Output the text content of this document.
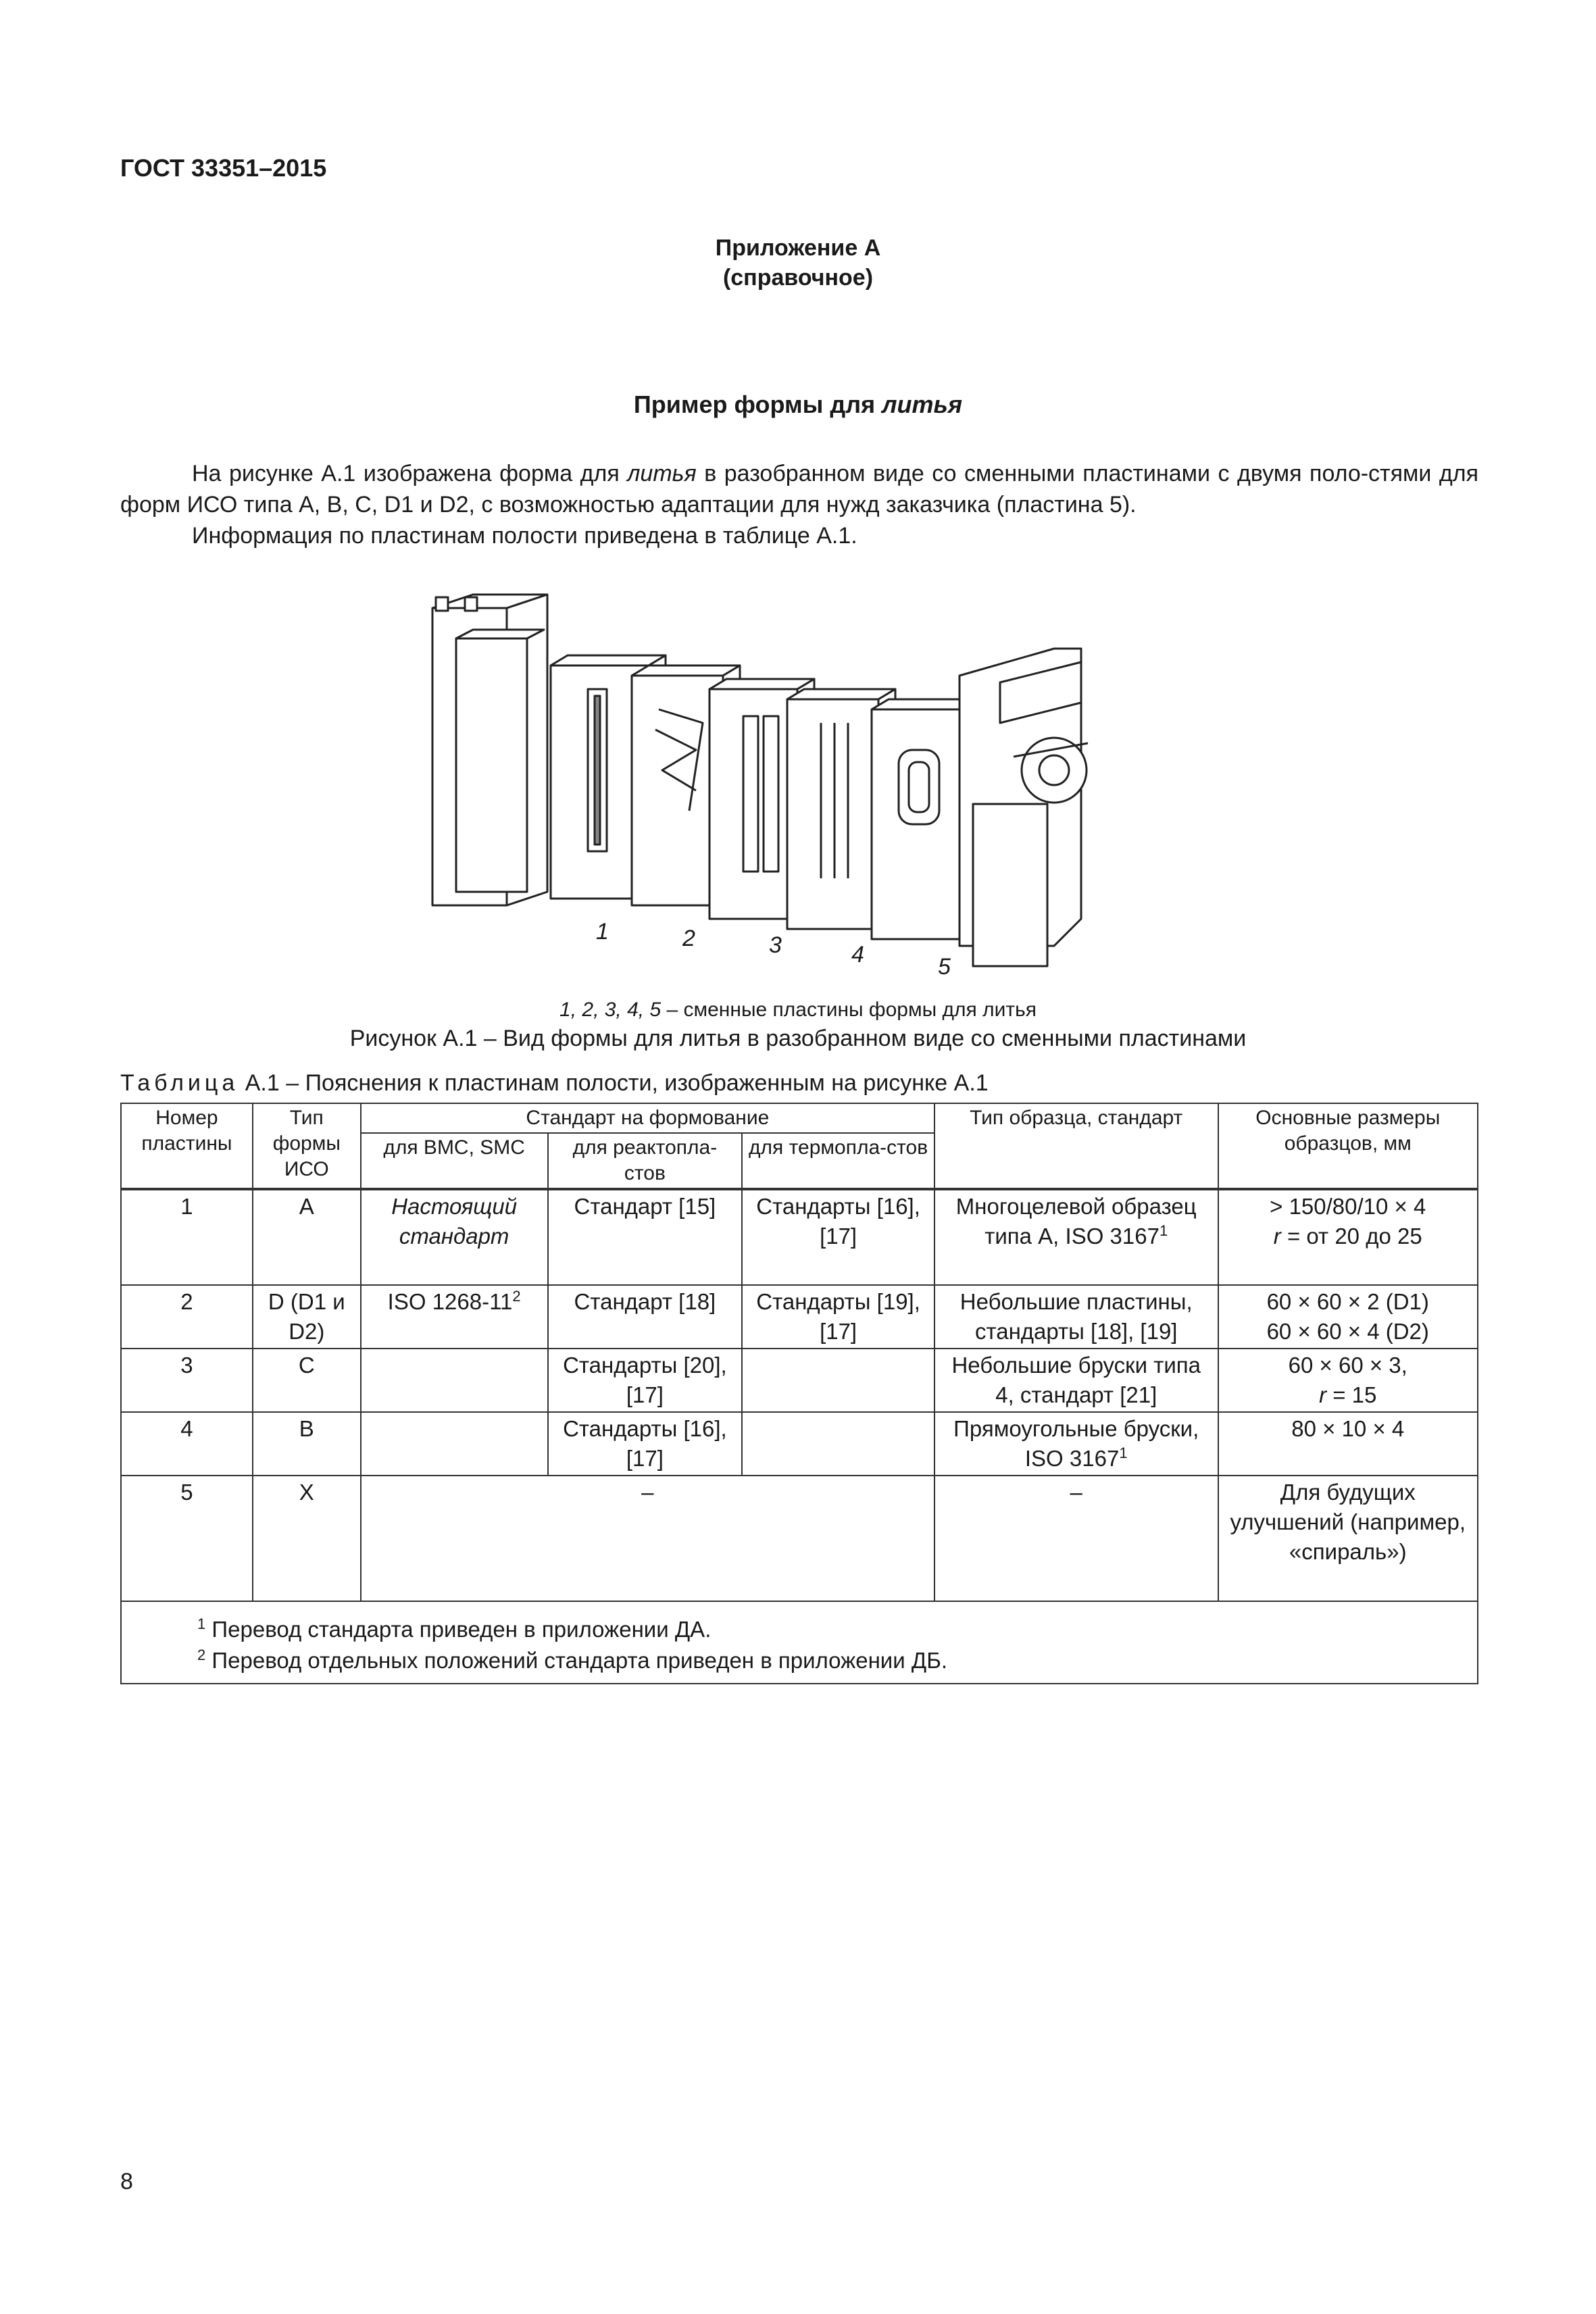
ГОСТ 33351–2015
Приложение А
(справочное)
Пример формы для литья
На рисунке А.1 изображена форма для литья в разобранном виде со сменными пластинами с двумя поло-стями для форм ИСО типа A, B, C, D1 и D2, с возможностью адаптации для нужд заказчика (пластина 5).
Информация по пластинам полости приведена в таблице А.1.
1	2	3	4	5
1, 2, 3, 4, 5 – сменные пластины формы для литья
Рисунок А.1 – Вид формы для литья в разобранном виде со сменными пластинами
Таблица А.1 – Пояснения к пластинам полости, изображенным на рисунке А.1
Номер пластины	Тип формы ИСО	Стандарт на формование			Тип образца, стандарт	Основные размеры образцов, мм
		для BMC, SMC	для реактопла-стов	для термопла-стов		
1	A	Настоящий стандарт	Стандарт [15]	Стандарты [16], [17]	Многоцелевой образец типа А, ISO $3167^1$	> 150/80/10 × 4
r = от 20 до 25

2	D (D1 и D2)	ISO $1268-11^2$	Стандарт [18]	Стандарты [19], [17]	Небольшие пластины, стандарты [18], [19]	60 × 60 × 2 (D1)
60 × 60 × 4 (D2)

3	C		Стандарты [20], [17]		Небольшие бруски типа 4, стандарт [21]	60 × 60 × 3,
r = 15

4	B		Стандарты [16], [17]		Прямоугольные бруски, ISO 3167$^1$	80 × 10 × 4
5	X	–			–	Для будущих улучшений (например, «спираль»)

$^1$ Перевод стандарта приведен в приложении ДА.
$^2$ Перевод отдельных положений стандарта приведен в приложении ДБ.						
8
